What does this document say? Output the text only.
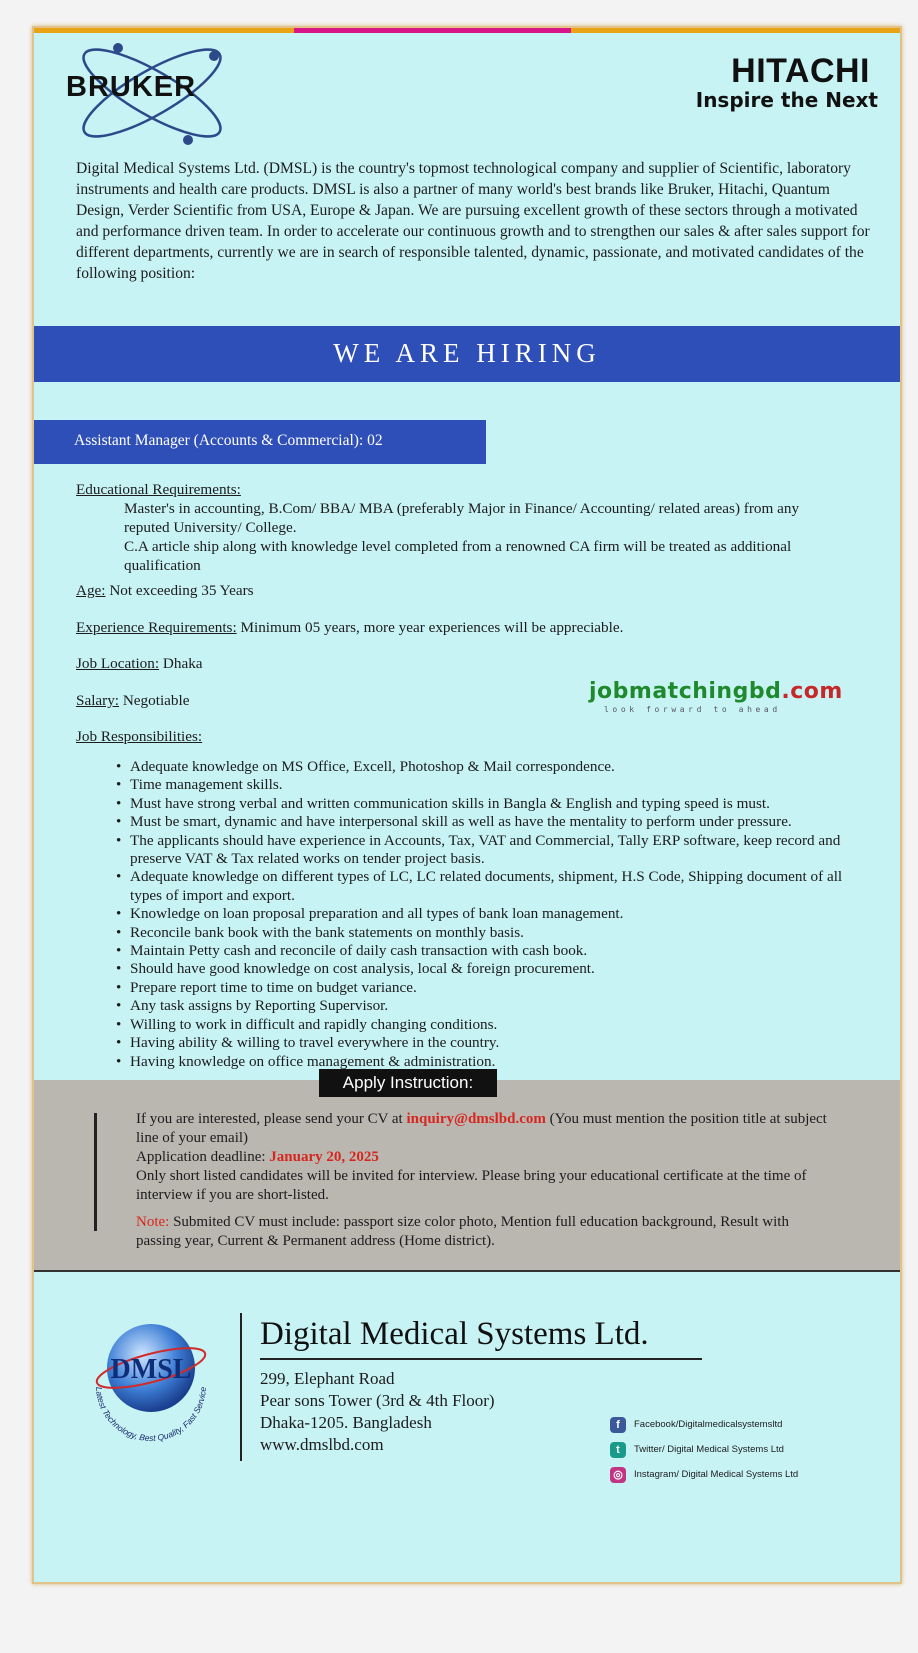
BRUKER	HITACHI
Inspire the Next
Digital Medical Systems Ltd. (DMSL) is the country's topmost technological company and supplier of Scientific, laboratory instruments and health care products. DMSL is also a partner of many world's best brands like Bruker, Hitachi, Quantum Design, Verder Scientific from USA, Europe & Japan. We are pursuing excellent growth of these sectors through a motivated and performance driven team. In order to accelerate our continuous growth and to strengthen our sales & after sales support for different departments, currently we are in search of responsible talented, dynamic, passionate, and motivated candidates of the following position:
WE ARE HIRING
Assistant Manager (Accounts & Commercial): 02
Educational Requirements:

Master's in accounting, B.Com/ BBA/ MBA (preferably Major in Finance/ Accounting/ related areas) from any reputed University/ College.

C.A article ship along with knowledge level completed from a renowned CA firm will be treated as additional qualification

Age: Not exceeding 35 Years
Experience Requirements: Minimum 05 years, more year experiences will be appreciable.
Job Location: Dhaka
Salary: Negotiable	jobmatchingbd.com
look forward to ahead
Job Responsibilities:
• Adequate knowledge on MS Office, Excell, Photoshop & Mail correspondence.
• Time management skills.
• Must have strong verbal and written communication skills in Bangla & English and typing speed is must.
• Must be smart, dynamic and have interpersonal skill as well as have the mentality to perform under pressure.
• The applicants should have experience in Accounts, Tax, VAT and Commercial, Tally ERP software, keep record and preserve VAT & Tax related works on tender project basis.
• Adequate knowledge on different types of LC, LC related documents, shipment, H.S Code, Shipping document of all types of import and export.
• Knowledge on loan proposal preparation and all types of bank loan management.
• Reconcile bank book with the bank statements on monthly basis.
• Maintain Petty cash and reconcile of daily cash transaction with cash book.
• Should have good knowledge on cost analysis, local & foreign procurement.
• Prepare report time to time on budget variance.
• Any task assigns by Reporting Supervisor.
• Willing to work in difficult and rapidly changing conditions.
• Having ability & willing to travel everywhere in the country.
• Having knowledge on office management & administration.
Apply Instruction:
If you are interested, please send your CV at inquiry@dmslbd.com (You must mention the position title at subject line of your email)
Application deadline: January 20, 2025
Only short listed candidates will be invited for interview. Please bring your educational certificate at the time of interview if you are short-listed.
Note: Submited CV must include: passport size color photo, Mention full education background, Result with passing year, Current & Permanent address (Home district).
DMSL
Latest Technology, Best Quality, Fast Service
Digital Medical Systems Ltd.
299, Elephant Road
Pear sons Tower (3rd & 4th Floor)
Dhaka-1205. Bangladesh
www.dmslbd.com
f	Facebook/Digitalmedicalsystemsltd
t	Twitter/ Digital Medical Systems Ltd
◎	Instagram/ Digital Medical Systems Ltd
